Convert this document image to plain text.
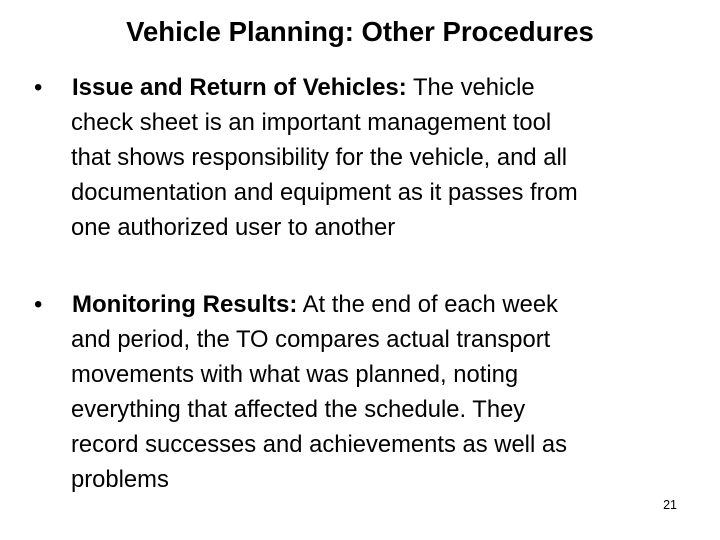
Vehicle Planning: Other Procedures
• Issue and Return of Vehicles: The vehicle
check sheet is an important management tool
that shows responsibility for the vehicle, and all
documentation and equipment as it passes from
one authorized user to another
• Monitoring Results: At the end of each week
and period, the TO compares actual transport
movements with what was planned, noting
everything that affected the schedule. They
record successes and achievements as well as
problems
21
